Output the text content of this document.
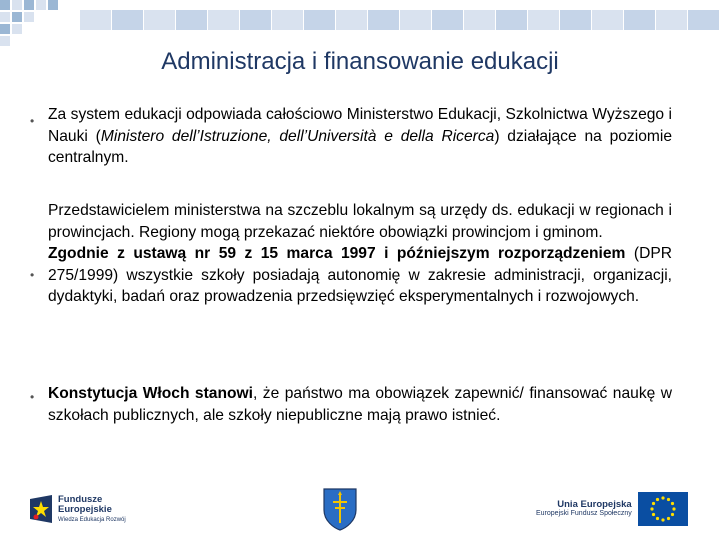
Administracja i finansowanie edukacji
• Za system edukacji odpowiada całościowo Ministerstwo Edukacji, Szkolnictwa Wyższego i Nauki (Ministero dell’Istruzione, dell’Università e della Ricerca) działające na poziomie centralnym.

•

Przedstawicielem ministerstwa na szczeblu lokalnym są urzędy ds. edukacji w regionach i prowincjach. Regiony mogą przekazać niektóre obowiązki prowincjom i gminom.

Zgodnie z ustawą nr 59 z 15 marca 1997 i późniejszym rozporządzeniem (DPR 275/1999) wszystkie szkoły posiadają autonomię w zakresie administracji, organizacji, dydaktyki, badań oraz prowadzenia przedsięwzięć eksperymentalnych i rozwojowych.

• Konstytucja Włoch stanowi, że państwo ma obowiązek zapewnić/ finansować naukę w szkołach publicznych, ale szkoły niepubliczne mają prawo istnieć.

Fundusze
Europejskie
Wiedza Edukacja Rozwój
Unia Europejska
Europejski Fundusz Społeczny
